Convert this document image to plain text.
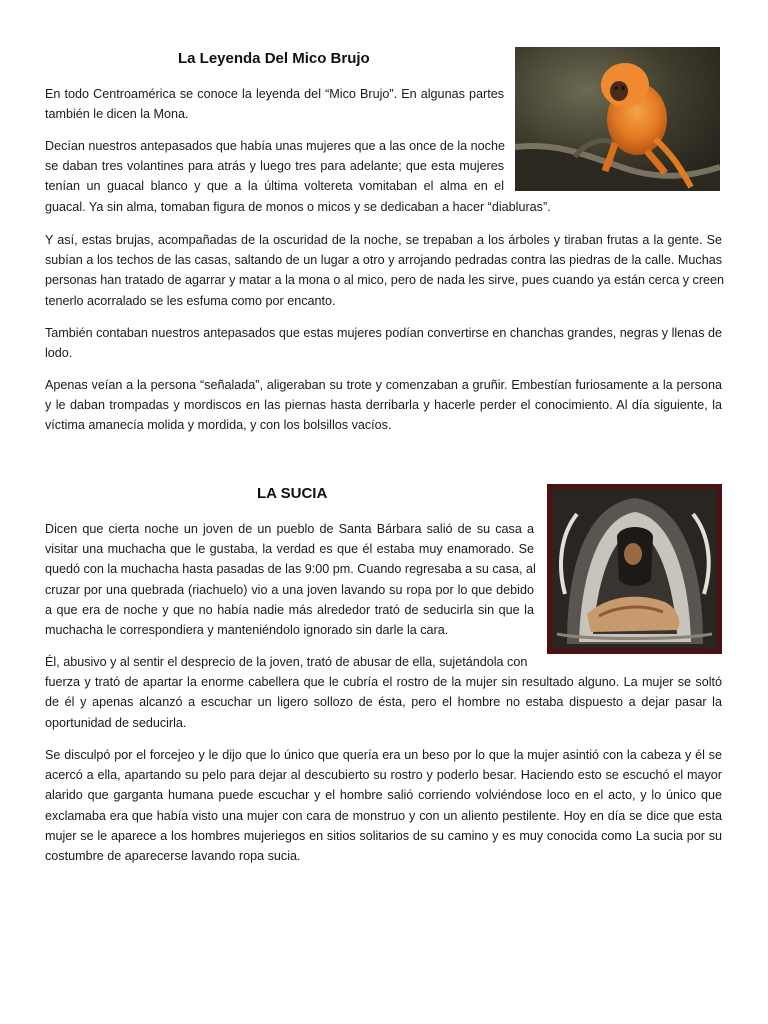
La Leyenda Del Mico Brujo

En todo Centroamérica se conoce la leyenda del “Mico Brujo”. En algunas partes
también le dicen la Mona.

Decían nuestros antepasados que había unas mujeres que a las once de la noche
se daban tres volantines para atrás y luego tres para adelante; que esta mujeres
tenían un guacal blanco y que a la última voltereta vomitaban el alma en el
guacal. Ya sin alma, tomaban figura de monos o micos y se dedicaban a hacer “diabluras”.

Y así, estas brujas, acompañadas de la oscuridad de la noche, se trepaban a los árboles y tiraban frutas a la gente. Se
subían a los techos de las casas, saltando de un lugar a otro y arrojando pedradas contra las piedras de la calle. Muchas
personas han tratado de agarrar y matar a la mona o al mico, pero de nada les sirve, pues cuando ya están cerca y creen
tenerlo acorralado se les esfuma como por encanto.

También contaban nuestros antepasados que estas mujeres podían convertirse en chanchas grandes, negras y llenas de
lodo.

Apenas veían a la persona “señalada”, aligeraban su trote y comenzaban a gruñir. Embestían furiosamente a la persona
y le daban trompadas y mordiscos en las piernas hasta derribarla y hacerle perder el conocimiento. Al día siguiente, la
víctima amanecía molida y mordida, y con los bolsillos vacíos.

LA SUCIA

Dicen que cierta noche un joven de un pueblo de Santa Bárbara salió de su casa a
visitar una muchacha que le gustaba, la verdad es que él estaba muy enamorado. Se
quedó con la muchacha hasta pasadas de las 9:00 pm. Cuando regresaba a su casa, al
cruzar por una quebrada (riachuelo) vio a una joven lavando su ropa por lo que debido
a que era de noche y que no había nadie más alrededor trató de seducirla sin que la
muchacha le correspondiera y manteniéndolo ignorado sin darle la cara.

Él, abusivo y al sentir el desprecio de la joven, trató de abusar de ella, sujetándola con
fuerza y trató de apartar la enorme cabellera que le cubría el rostro de la mujer sin resultado alguno. La mujer se soltó
de él y apenas alcanzó a escuchar un ligero sollozo de ésta, pero el hombre no estaba dispuesto a dejar pasar la
oportunidad de seducirla.

Se disculpó por el forcejeo y le dijo que lo único que quería era un beso por lo que la mujer asintió con la cabeza y él se
acercó a ella, apartando su pelo para dejar al descubierto su rostro y poderlo besar. Haciendo esto se escuchó el mayor
alarido que garganta humana puede escuchar y el hombre salió corriendo volviéndose loco en el acto, y lo único que
exclamaba era que había visto una mujer con cara de monstruo y con un aliento pestilente. Hoy en día se dice que esta
mujer se le aparece a los hombres mujeriegos en sitios solitarios de su camino y es muy conocida como La sucia por su
costumbre de aparecerse lavando ropa sucia.
